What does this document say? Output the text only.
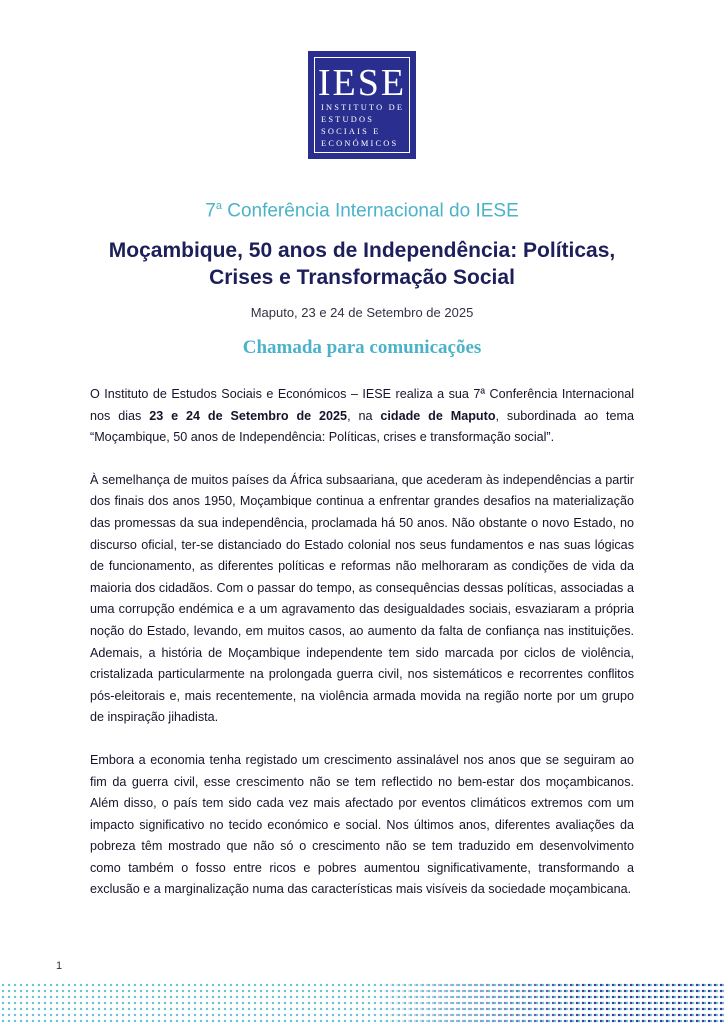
IESE
INSTITUTO DE
ESTUDOS
SOCIAIS E
ECONÓMICOS
7$^a$ Conferência Internacional do IESE
Moçambique, 50 anos de Independência: Políticas,
Crises e Transformação Social
Maputo, 23 e 24 de Setembro de 2025
Chamada para comunicações

O Instituto de Estudos Sociais e Económicos – IESE realiza a sua 7ª Conferência Internacional nos dias 23 e 24 de Setembro de 2025, na cidade de Maputo, subordinada ao tema “Moçambique, 50 anos de Independência: Políticas, crises e transformação social”.

À semelhança de muitos países da África subsaariana, que acederam às independências a partir dos finais dos anos 1950, Moçambique continua a enfrentar grandes desafios na materialização das promessas da sua independência, proclamada há 50 anos. Não obstante o novo Estado, no discurso oficial, ter-se distanciado do Estado colonial nos seus fundamentos e nas suas lógicas de funcionamento, as diferentes políticas e reformas não melhoraram as condições de vida da maioria dos cidadãos. Com o passar do tempo, as consequências dessas políticas, associadas a uma corrupção endémica e a um agravamento das desigualdades sociais, esvaziaram a própria noção do Estado, levando, em muitos casos, ao aumento da falta de confiança nas instituições. Ademais, a história de Moçambique independente tem sido marcada por ciclos de violência, cristalizada particularmente na prolongada guerra civil, nos sistemáticos e recorrentes conflitos pós-eleitorais e, mais recentemente, na violência armada movida na região norte por um grupo de inspiração jihadista.

Embora a economia tenha registado um crescimento assinalável nos anos que se seguiram ao fim da guerra civil, esse crescimento não se tem reflectido no bem-estar dos moçambicanos. Além disso, o país tem sido cada vez mais afectado por eventos climáticos extremos com um impacto significativo no tecido económico e social. Nos últimos anos, diferentes avaliações da pobreza têm mostrado que não só o crescimento não se tem traduzido em desenvolvimento como também o fosso entre ricos e pobres aumentou significativamente, transformando a exclusão e a marginalização numa das características mais visíveis da sociedade moçambicana.

1
